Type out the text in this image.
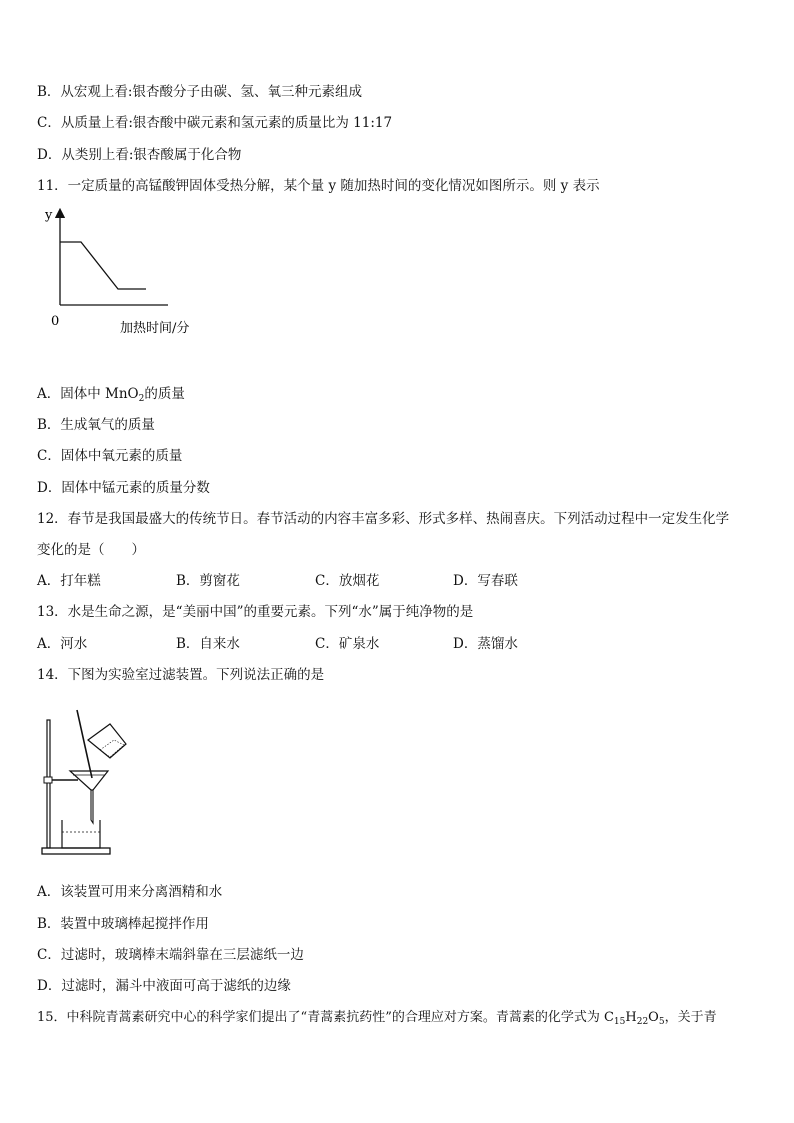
B．从宏观上看:银杏酸分子由碳、氢、氧三种元素组成
C．从质量上看:银杏酸中碳元素和氢元素的质量比为 11:17
D．从类别上看:银杏酸属于化合物
11．一定质量的高锰酸钾固体受热分解，某个量 y 随加热时间的变化情况如图所示。则 y 表示
y
0	加热时间/分
A．固体中 MnO$_2$的质量
B．生成氧气的质量
C．固体中氧元素的质量
D．固体中锰元素的质量分数
12．春节是我国最盛大的传统节日。春节活动的内容丰富多彩、形式多样、热闹喜庆。下列活动过程中一定发生化学
变化的是（　　）
A．打年糕	B．剪窗花	C．放烟花	D．写春联
13．水是生命之源，是“美丽中国”的重要元素。下列“水”属于纯净物的是
A．河水	B．自来水	C．矿泉水	D．蒸馏水
14．下图为实验室过滤装置。下列说法正确的是
A．该装置可用来分离酒精和水
B．装置中玻璃棒起搅拌作用
C．过滤时，玻璃棒末端斜靠在三层滤纸一边
D．过滤时，漏斗中液面可高于滤纸的边缘
15．中科院青蒿素研究中心的科学家们提出了“青蒿素抗药性”的合理应对方案。青蒿素的化学式为 $C_{15}H_{22}O_5$，关于青
